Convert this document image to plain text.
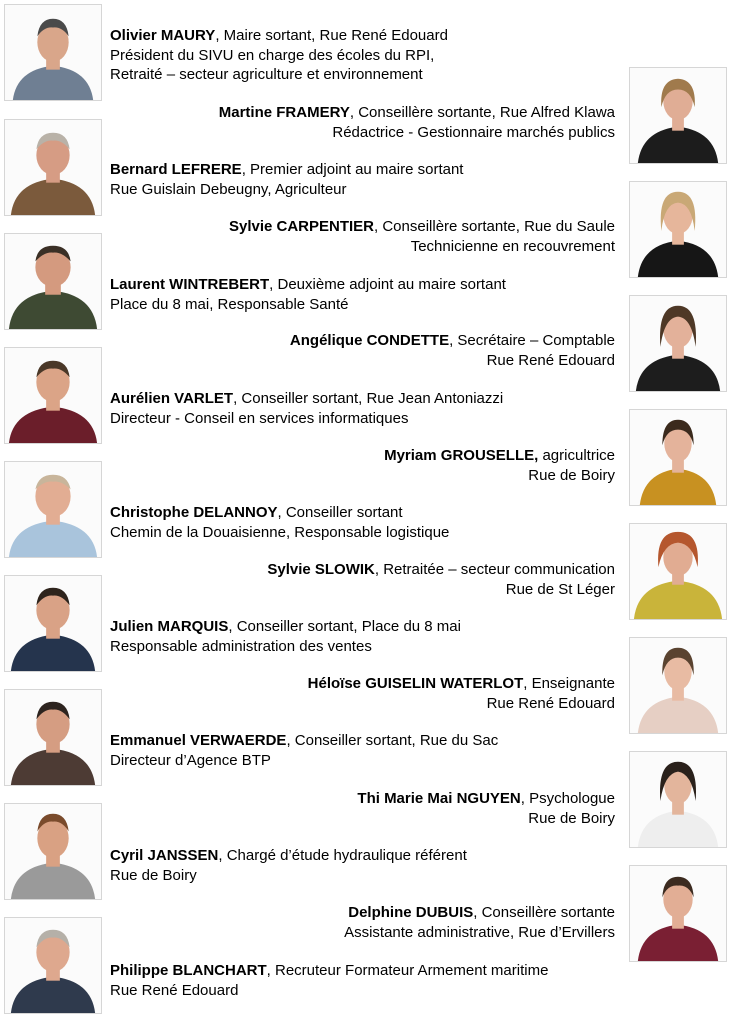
Olivier MAURY, Maire sortant, Rue René Edouard
Président du SIVU en charge des écoles du RPI,
Retraité – secteur agriculture et environnement
Bernard LEFRERE, Premier adjoint au maire sortant
Rue Guislain Debeugny, Agriculteur
Laurent WINTREBERT, Deuxième adjoint au maire sortant
Place du 8 mai, Responsable Santé
Aurélien VARLET, Conseiller sortant, Rue Jean Antoniazzi
Directeur - Conseil en services informatiques
Christophe DELANNOY, Conseiller sortant
Chemin de la Douaisienne, Responsable logistique
Julien MARQUIS, Conseiller sortant, Place du 8 mai
Responsable administration des ventes
Emmanuel VERWAERDE, Conseiller sortant, Rue du Sac
Directeur d’Agence BTP
Cyril JANSSEN, Chargé d’étude hydraulique référent
Rue de Boiry
Philippe BLANCHART, Recruteur Formateur Armement maritime
Rue René Edouard
Martine FRAMERY, Conseillère sortante, Rue Alfred Klawa
Rédactrice - Gestionnaire marchés publics
Sylvie CARPENTIER, Conseillère sortante, Rue du Saule
Technicienne en recouvrement
Angélique CONDETTE, Secrétaire – Comptable
Rue René Edouard
Myriam GROUSELLE, agricultrice
Rue de Boiry
Sylvie SLOWIK, Retraitée – secteur communication
Rue de St Léger
Héloïse GUISELIN WATERLOT, Enseignante
Rue René Edouard
Thi Marie Mai NGUYEN, Psychologue
Rue de Boiry
Delphine DUBUIS, Conseillère sortante
Assistante administrative, Rue d’Ervillers
